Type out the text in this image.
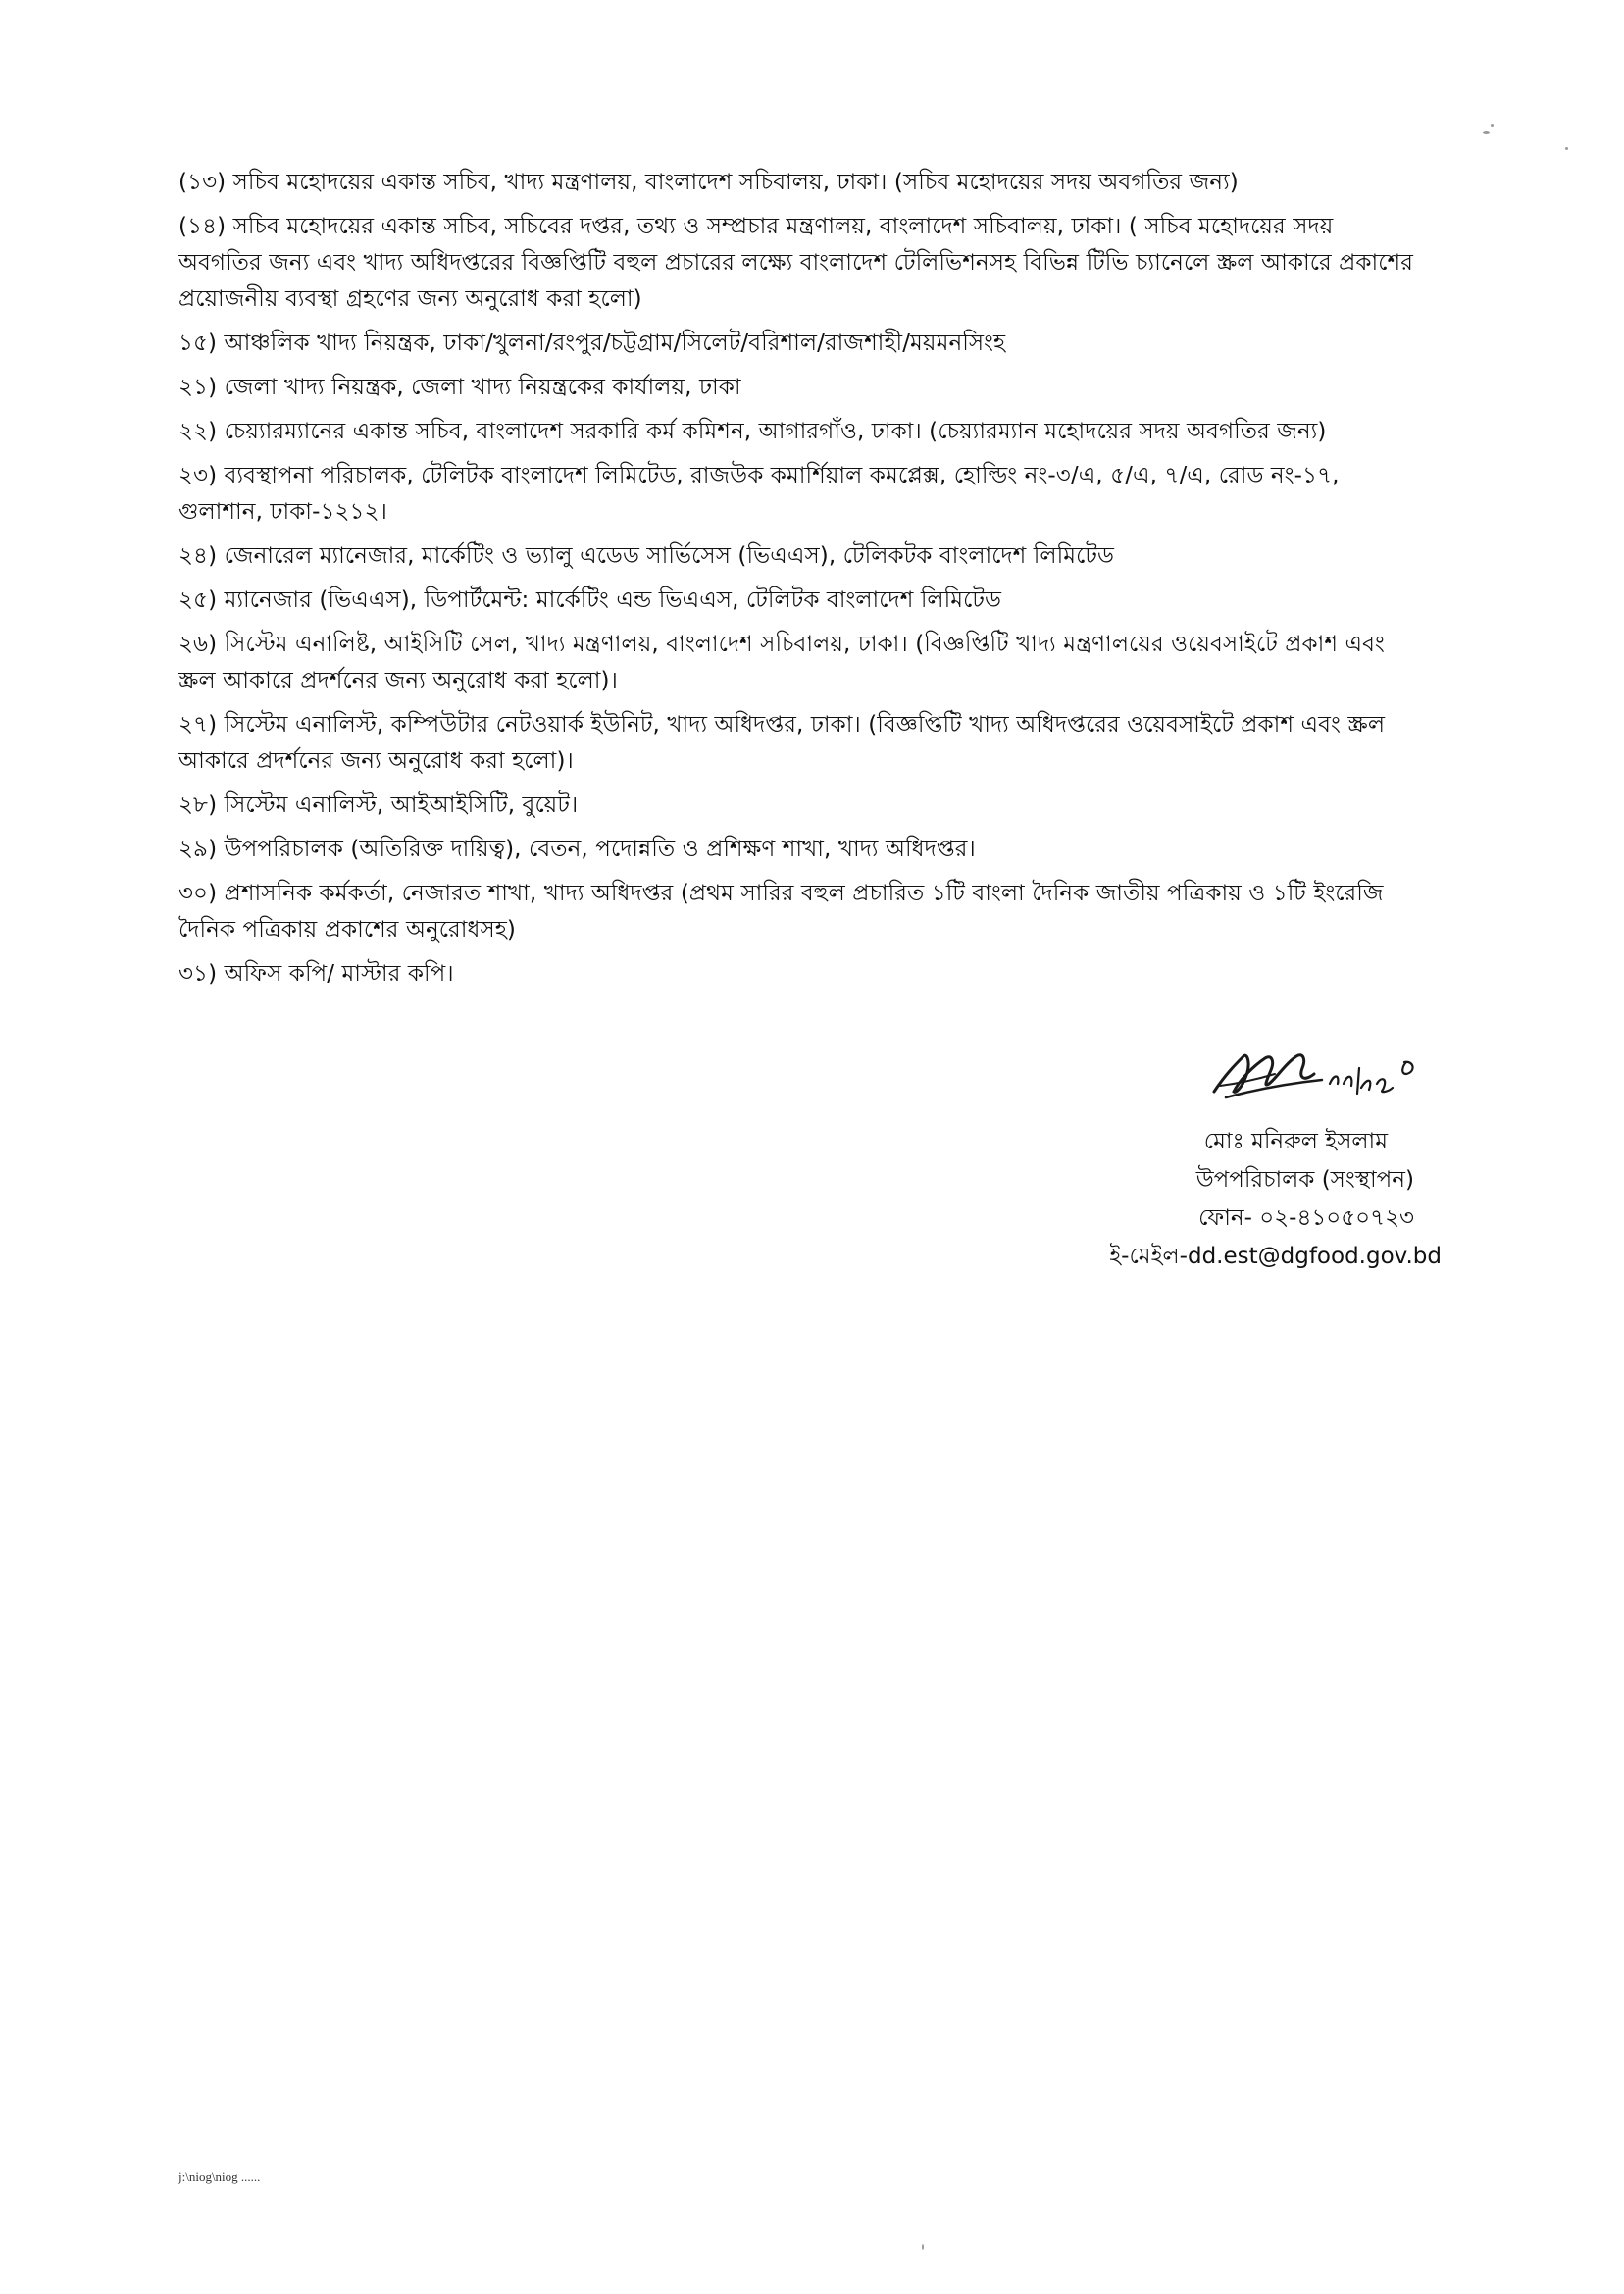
(১৩) সচিব মহোদয়ের একান্ত সচিব, খাদ্য মন্ত্রণালয়, বাংলাদেশ সচিবালয়, ঢাকা। (সচিব মহোদয়ের সদয় অবগতির জন্য)
(১৪) সচিব মহোদয়ের একান্ত সচিব, সচিবের দপ্তর, তথ্য ও সম্প্রচার মন্ত্রণালয়, বাংলাদেশ সচিবালয়, ঢাকা। ( সচিব মহোদয়ের সদয় অবগতির জন্য এবং খাদ্য অধিদপ্তরের বিজ্ঞপ্তিটি বহুল প্রচারের লক্ষ্যে বাংলাদেশ টেলিভিশনসহ বিভিন্ন টিভি চ্যানেলে স্ক্রল আকারে প্রকাশের প্রয়োজনীয় ব্যবস্থা গ্রহণের জন্য অনুরোধ করা হলো)
১৫) আঞ্চলিক খাদ্য নিয়ন্ত্রক, ঢাকা/খুলনা/রংপুর/চট্টগ্রাম/সিলেট/বরিশাল/রাজশাহী/ময়মনসিংহ
২১) জেলা খাদ্য নিয়ন্ত্রক, জেলা খাদ্য নিয়ন্ত্রকের কার্যালয়, ঢাকা
২২) চেয়্যারম্যানের একান্ত সচিব, বাংলাদেশ সরকারি কর্ম কমিশন, আগারগাঁও, ঢাকা। (চেয়্যারম্যান মহোদয়ের সদয় অবগতির জন্য)
২৩) ব্যবস্থাপনা পরিচালক, টেলিটক বাংলাদেশ লিমিটেড, রাজউক কমার্শিয়াল কমপ্লেক্স, হোল্ডিং নং-৩/এ, ৫/এ, ৭/এ, রোড নং-১৭, গুলাশান, ঢাকা-১২১২।
২৪) জেনারেল ম্যানেজার, মার্কেটিং ও ভ্যালু এডেড সার্ভিসেস (ভিএএস), টেলিকটক বাংলাদেশ লিমিটেড
২৫) ম্যানেজার (ভিএএস), ডিপার্টমেন্ট: মার্কেটিং এন্ড ভিএএস, টেলিটক বাংলাদেশ লিমিটেড
২৬) সিস্টেম এনালিষ্ট, আইসিটি সেল, খাদ্য মন্ত্রণালয়, বাংলাদেশ সচিবালয়, ঢাকা। (বিজ্ঞপ্তিটি খাদ্য মন্ত্রণালয়ের ওয়েবসাইটে প্রকাশ এবং স্ক্রল আকারে প্রদর্শনের জন্য অনুরোধ করা হলো)।
২৭) সিস্টেম এনালিস্ট, কম্পিউটার নেটওয়ার্ক ইউনিট, খাদ্য অধিদপ্তর, ঢাকা। (বিজ্ঞপ্তিটি খাদ্য অধিদপ্তরের ওয়েবসাইটে প্রকাশ এবং স্ক্রল আকারে প্রদর্শনের জন্য অনুরোধ করা হলো)।
২৮) সিস্টেম এনালিস্ট, আইআইসিটি, বুয়েট।
২৯) উপপরিচালক (অতিরিক্ত দায়িত্ব), বেতন, পদোন্নতি ও প্রশিক্ষণ শাখা, খাদ্য অধিদপ্তর।
৩০) প্রশাসনিক কর্মকর্তা, নেজারত শাখা, খাদ্য অধিদপ্তর (প্রথম সারির বহুল প্রচারিত ১টি বাংলা দৈনিক জাতীয় পত্রিকায় ও ১টি ইংরেজি দৈনিক পত্রিকায় প্রকাশের অনুরোধসহ)
৩১) অফিস কপি/ মাস্টার কপি।
মোঃ মনিরুল ইসলাম
উপপরিচালক (সংস্থাপন)
ফোন- ০২-৪১০৫০৭২৩
ই-মেইল-dd.est@dgfood.gov.bd
j:\niog\niog ......
